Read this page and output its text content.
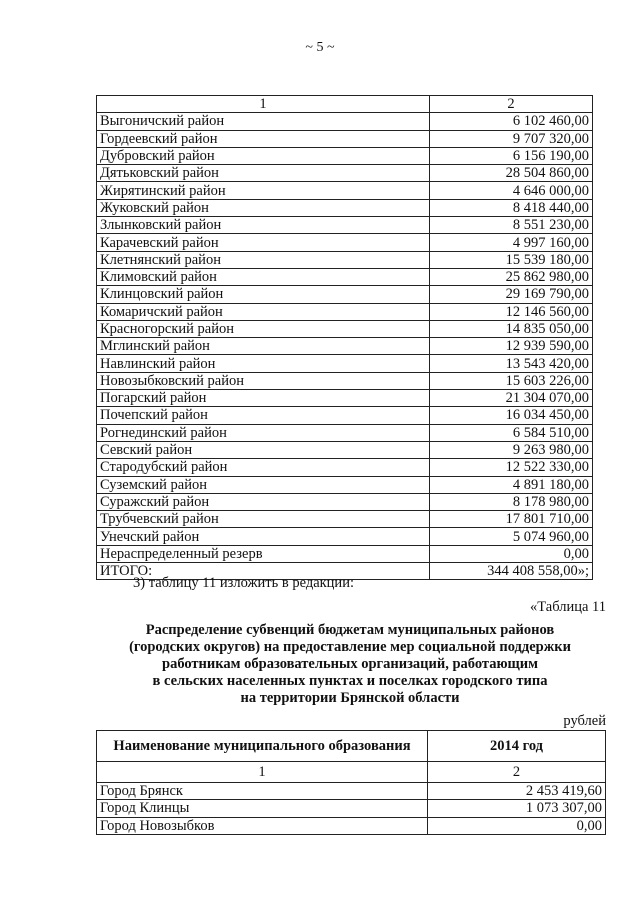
~ 5 ~
1	2
Выгоничский район	6 102 460,00
Гордеевский район	9 707 320,00
Дубровский район	6 156 190,00
Дятьковский район	28 504 860,00
Жирятинский район	4 646 000,00
Жуковский район	8 418 440,00
Злынковский район	8 551 230,00
Карачевский район	4 997 160,00
Клетнянский район	15 539 180,00
Климовский район	25 862 980,00
Клинцовский район	29 169 790,00
Комаричский район	12 146 560,00
Красногорский район	14 835 050,00
Мглинский район	12 939 590,00
Навлинский район	13 543 420,00
Новозыбковский район	15 603 226,00
Погарский район	21 304 070,00
Почепский район	16 034 450,00
Рогнединский район	6 584 510,00
Севский район	9 263 980,00
Стародубский район	12 522 330,00
Суземский район	4 891 180,00
Суражский район	8 178 980,00
Трубчевский район	17 801 710,00
Унечский район	5 074 960,00
Нераспределенный резерв	0,00
ИТОГО:	344 408 558,00»;
3) таблицу 11 изложить в редакции:
«Таблица 11
Распределение субвенций бюджетам муниципальных районов
(городских округов) на предоставление мер социальной поддержки
работникам образовательных организаций, работающим
в сельских населенных пунктах и поселках городского типа
на территории Брянской области
рублей
Наименование муниципального образования	2014 год
1	2
Город Брянск	2 453 419,60
Город Клинцы	1 073 307,00
Город Новозыбков	0,00
